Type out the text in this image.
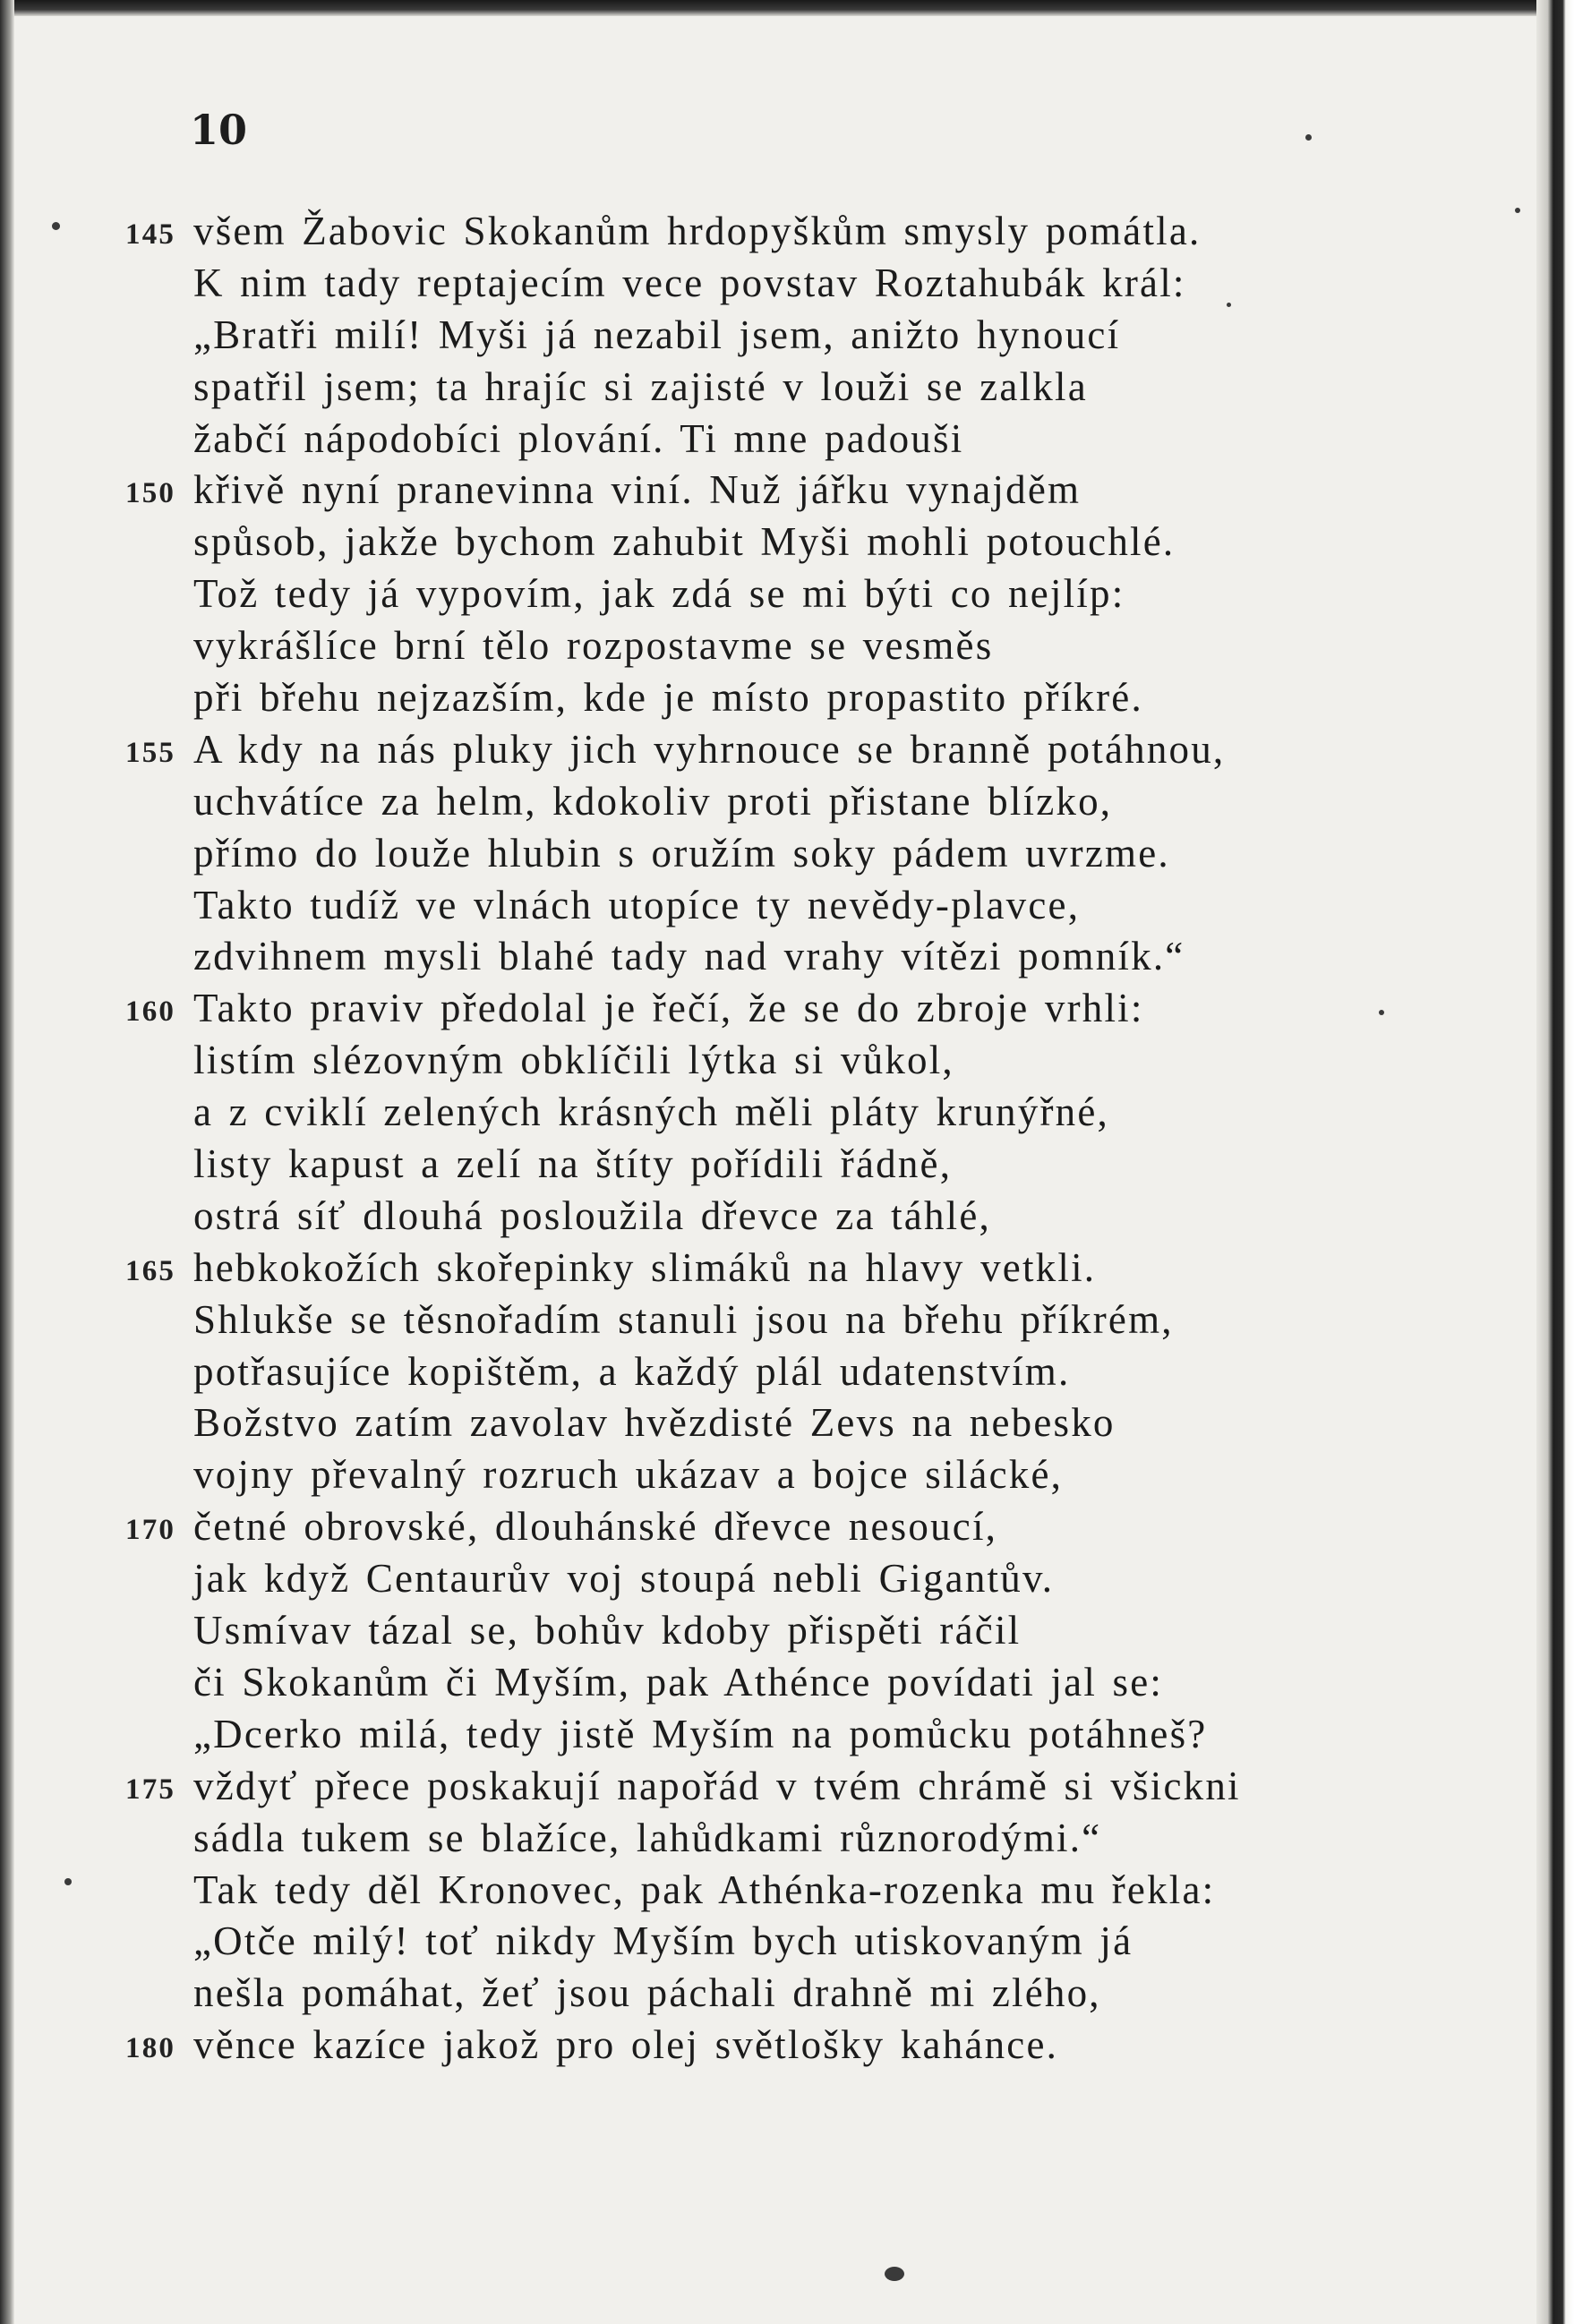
10
145 všem Žabovic Skokanům hrdopyškům smysly pomátla.
K nim tady reptajecím vece povstav Roztahubák král:
„Bratři milí! Myši já nezabil jsem, anižto hynoucí
spatřil jsem; ta hrajíc si zajisté v louži se zalkla
žabčí nápodobíci plování. Ti mne padouši
150 křivě nyní pranevinna viní. Nuž jářku vynajděm
spůsob, jakže bychom zahubit Myši mohli potouchlé.
Tož tedy já vypovím, jak zdá se mi býti co nejlíp:
vykrášlíce brní tělo rozpostavme se vesměs
při břehu nejzazším, kde je místo propastito příkré.
155 A kdy na nás pluky jich vyhrnouce se branně potáhnou,
uchvátíce za helm, kdokoliv proti přistane blízko,
přímo do louže hlubin s oružím soky pádem uvrzme.
Takto tudíž ve vlnách utopíce ty nevědy-plavce,
zdvihnem mysli blahé tady nad vrahy vítězi pomník.“
160 Takto praviv předolal je řečí, že se do zbroje vrhli:
listím slézovným obklíčili lýtka si vůkol,
a z cviklí zelených krásných měli pláty krunýřné,
listy kapust a zelí na štíty pořídili řádně,
ostrá síť dlouhá posloužila dřevce za táhlé,
165 hebkokožích skořepinky slimáků na hlavy vetkli.
Shlukše se těsnořadím stanuli jsou na břehu příkrém,
potřasujíce kopištěm, a každý plál udatenstvím.
Božstvo zatím zavolav hvězdisté Zevs na nebesko
vojny převalný rozruch ukázav a bojce silácké,
170 četné obrovské, dlouhánské dřevce nesoucí,
jak když Centaurův voj stoupá nebli Gigantův.
Usmívav tázal se, bohův kdoby přispěti ráčil
či Skokanům či Myším, pak Athénce povídati jal se:
„Dcerko milá, tedy jistě Myším na pomůcku potáhneš?
175 vždyť přece poskakují napořád v tvém chrámě si všickni
sádla tukem se blažíce, lahůdkami různorodými.“
Tak tedy děl Kronovec, pak Athénka-rozenka mu řekla:
„Otče milý! toť nikdy Myším bych utiskovaným já
nešla pomáhat, žeť jsou páchali drahně mi zlého,
180 věnce kazíce jakož pro olej světlošky kahánce.
